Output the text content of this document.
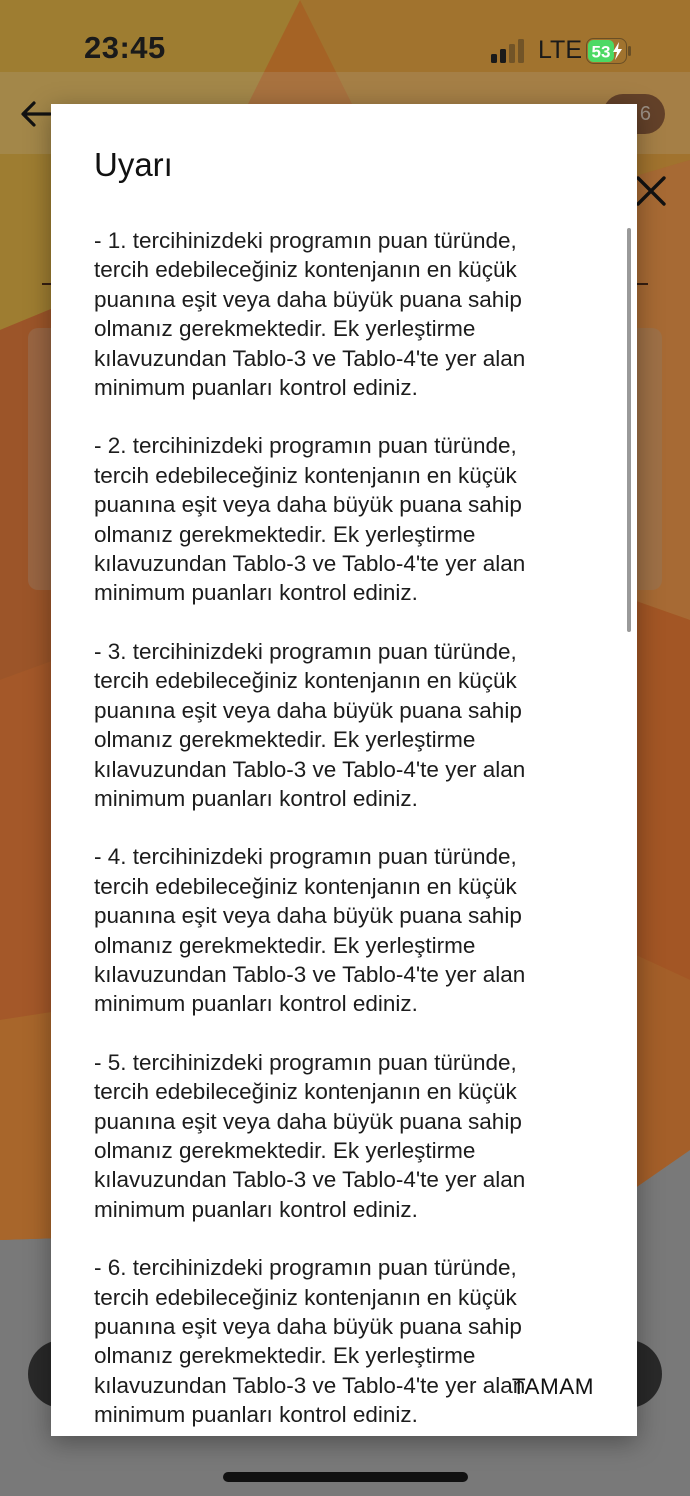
6
23:45	LTE 53
Uyarı

- 1. tercihinizdeki programın puan türünde,
tercih edebileceğiniz kontenjanın en küçük
puanına eşit veya daha büyük puana sahip
olmanız gerekmektedir. Ek yerleştirme
kılavuzundan Tablo-3 ve Tablo-4'te yer alan
minimum puanları kontrol ediniz.

- 2. tercihinizdeki programın puan türünde,
tercih edebileceğiniz kontenjanın en küçük
puanına eşit veya daha büyük puana sahip
olmanız gerekmektedir. Ek yerleştirme
kılavuzundan Tablo-3 ve Tablo-4'te yer alan
minimum puanları kontrol ediniz.

- 3. tercihinizdeki programın puan türünde,
tercih edebileceğiniz kontenjanın en küçük
puanına eşit veya daha büyük puana sahip
olmanız gerekmektedir. Ek yerleştirme
kılavuzundan Tablo-3 ve Tablo-4'te yer alan
minimum puanları kontrol ediniz.

- 4. tercihinizdeki programın puan türünde,
tercih edebileceğiniz kontenjanın en küçük
puanına eşit veya daha büyük puana sahip
olmanız gerekmektedir. Ek yerleştirme
kılavuzundan Tablo-3 ve Tablo-4'te yer alan
minimum puanları kontrol ediniz.

- 5. tercihinizdeki programın puan türünde,
tercih edebileceğiniz kontenjanın en küçük
puanına eşit veya daha büyük puana sahip
olmanız gerekmektedir. Ek yerleştirme
kılavuzundan Tablo-3 ve Tablo-4'te yer alan
minimum puanları kontrol ediniz.

- 6. tercihinizdeki programın puan türünde,
tercih edebileceğiniz kontenjanın en küçük
puanına eşit veya daha büyük puana sahip
olmanız gerekmektedir. Ek yerleştirme
kılavuzundan Tablo-3 ve Tablo-4'te yer alan
minimum puanları kontrol ediniz.

TAMAM
